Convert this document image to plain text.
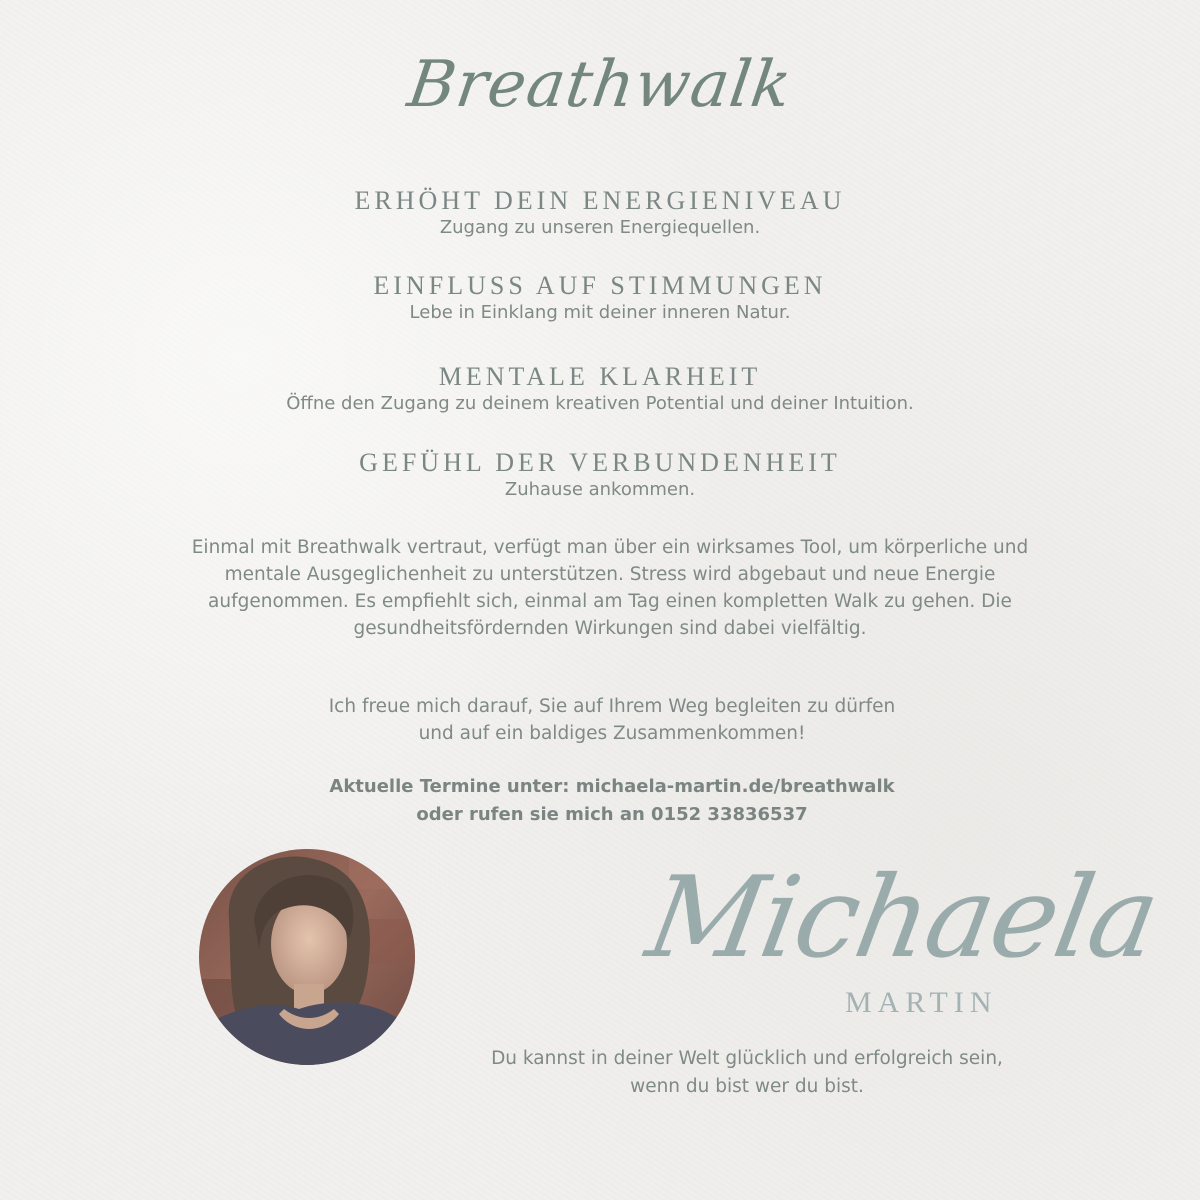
Breathwalk
ERHÖHT DEIN ENERGIENIVEAU

Zugang zu unseren Energiequellen.

EINFLUSS AUF STIMMUNGEN

Lebe in Einklang mit deiner inneren Natur.

MENTALE KLARHEIT

Öffne den Zugang zu deinem kreativen Potential und deiner Intuition.

GEFÜHL DER VERBUNDENHEIT

Zuhause ankommen.

Einmal mit Breathwalk vertraut, verfügt man über ein wirksames Tool, um körperliche und mentale Ausgeglichenheit zu unterstützen. Stress wird abgebaut und neue Energie aufgenommen. Es empfiehlt sich, einmal am Tag einen kompletten Walk zu gehen. Die gesundheitsfördernden Wirkungen sind dabei vielfältig.

Ich freue mich darauf, Sie auf Ihrem Weg begleiten zu dürfen
und auf ein baldiges Zusammenkommen!
Aktuelle Termine unter: michaela-martin.de/breathwalk
oder rufen sie mich an 0152 33836537
Michaela
MARTIN
Du kannst in deiner Welt glücklich und erfolgreich sein,
wenn du bist wer du bist.
